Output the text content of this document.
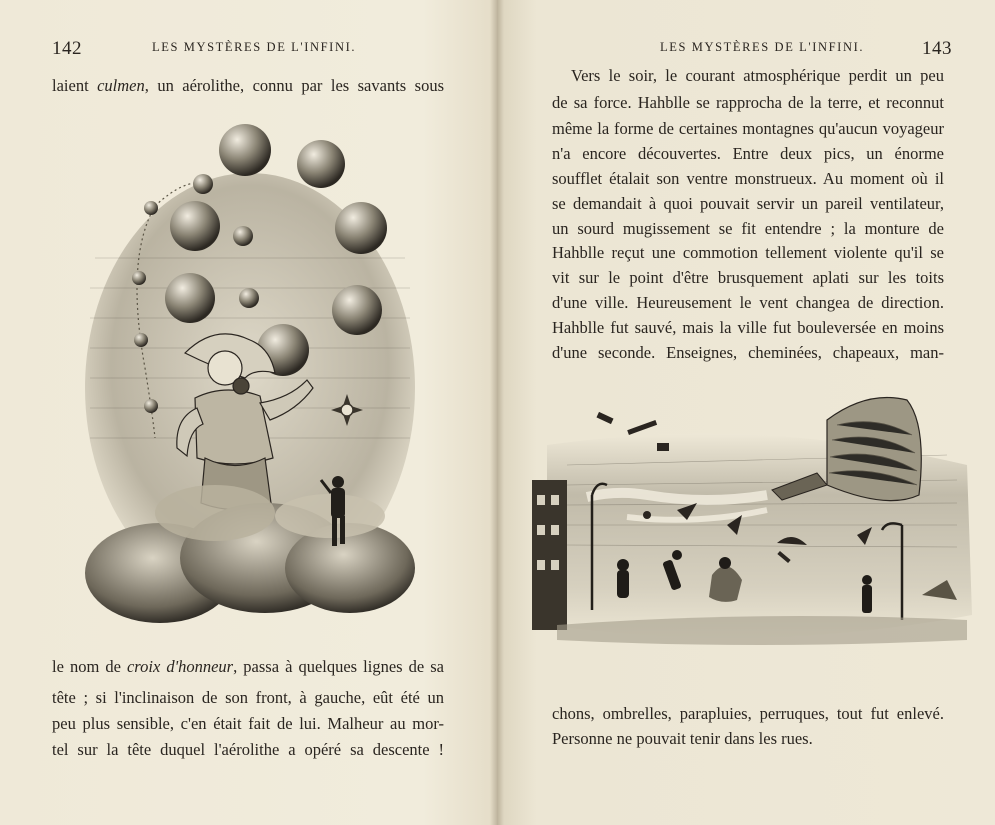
142	LES MYSTÈRES DE L'INFINI.
laient culmen, un aérolithe, connu par les savants sous
le nom de croix d'honneur, passa à quelques lignes de sa
tête ; si l'inclinaison de son front, à gauche, eût été un
peu plus sensible, c'en était fait de lui. Malheur au mor-
tel sur la tête duquel l'aérolithe a opéré sa descente !
LES MYSTÈRES DE L'INFINI.	143
Vers le soir, le courant atmosphérique perdit un peu
de sa force. Hahblle se rapprocha de la terre, et reconnut
même la forme de certaines montagnes qu'aucun voyageur
n'a encore découvertes. Entre deux pics, un énorme
soufflet étalait son ventre monstrueux. Au moment où il
se demandait à quoi pouvait servir un pareil ventilateur,
un sourd mugissement se fit entendre ; la monture de
Hahblle reçut une commotion tellement violente qu'il se
vit sur le point d'être brusquement aplati sur les toits
d'une ville. Heureusement le vent changea de direction.
Hahblle fut sauvé, mais la ville fut bouleversée en moins
d'une seconde. Enseignes, cheminées, chapeaux, man-
chons, ombrelles, parapluies, perruques, tout fut enlevé.
Personne ne pouvait tenir dans les rues.
